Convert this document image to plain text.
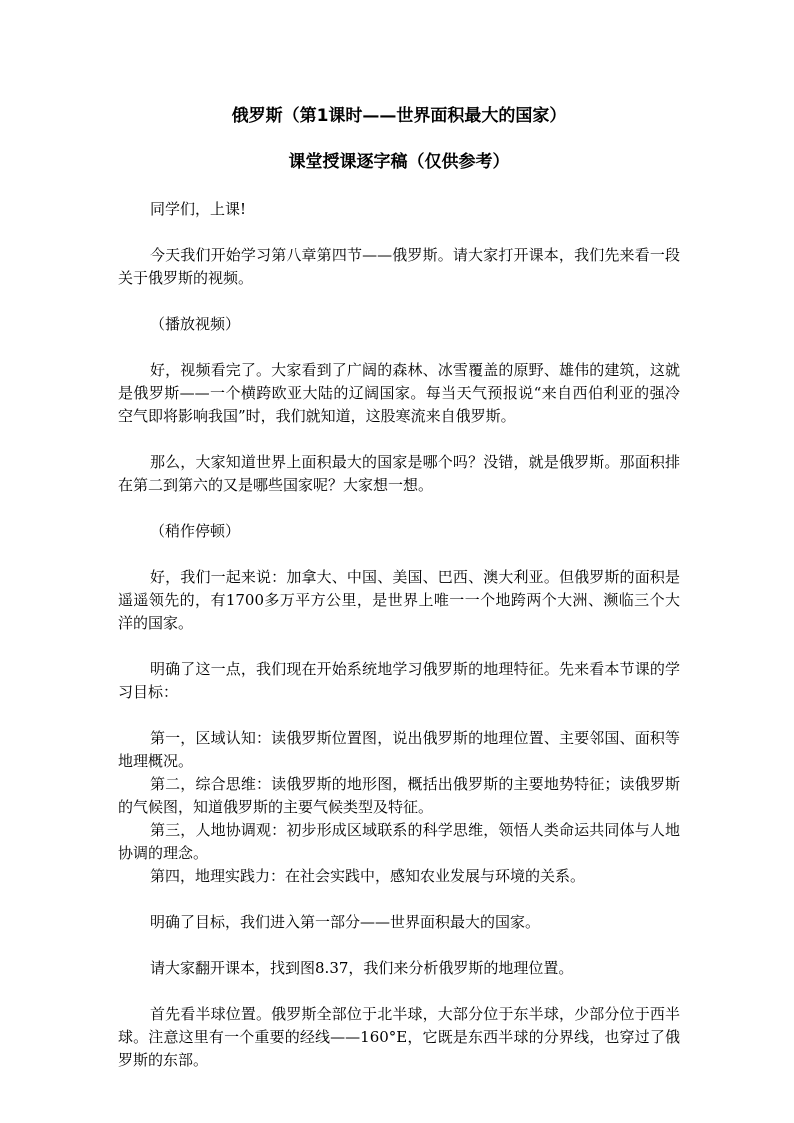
俄罗斯（第1课时——世界面积最大的国家）
课堂授课逐字稿（仅供参考）

同学们，上课!

今天我们开始学习第八章第四节——俄罗斯。请大家打开课本，我们先来看一段关于俄罗斯的视频。

（播放视频）

好，视频看完了。大家看到了广阔的森林、冰雪覆盖的原野、雄伟的建筑，这就是俄罗斯——一个横跨欧亚大陆的辽阔国家。每当天气预报说“来自西伯利亚的强冷空气即将影响我国”时，我们就知道，这股寒流来自俄罗斯。

那么，大家知道世界上面积最大的国家是哪个吗？没错，就是俄罗斯。那面积排在第二到第六的又是哪些国家呢？大家想一想。

（稍作停顿）

好，我们一起来说：加拿大、中国、美国、巴西、澳大利亚。但俄罗斯的面积是遥遥领先的，有1700多万平方公里，是世界上唯一一个地跨两个大洲、濒临三个大洋的国家。

明确了这一点，我们现在开始系统地学习俄罗斯的地理特征。先来看本节课的学习目标：

第一，区域认知：读俄罗斯位置图，说出俄罗斯的地理位置、主要邻国、面积等地理概况。

第二，综合思维：读俄罗斯的地形图，概括出俄罗斯的主要地势特征；读俄罗斯的气候图，知道俄罗斯的主要气候类型及特征。

第三，人地协调观：初步形成区域联系的科学思维，领悟人类命运共同体与人地协调的理念。

第四，地理实践力：在社会实践中，感知农业发展与环境的关系。

明确了目标，我们进入第一部分——世界面积最大的国家。

请大家翻开课本，找到图8.37，我们来分析俄罗斯的地理位置。

首先看半球位置。俄罗斯全部位于北半球，大部分位于东半球，少部分位于西半球。注意这里有一个重要的经线——160°E，它既是东西半球的分界线，也穿过了俄罗斯的东部。
